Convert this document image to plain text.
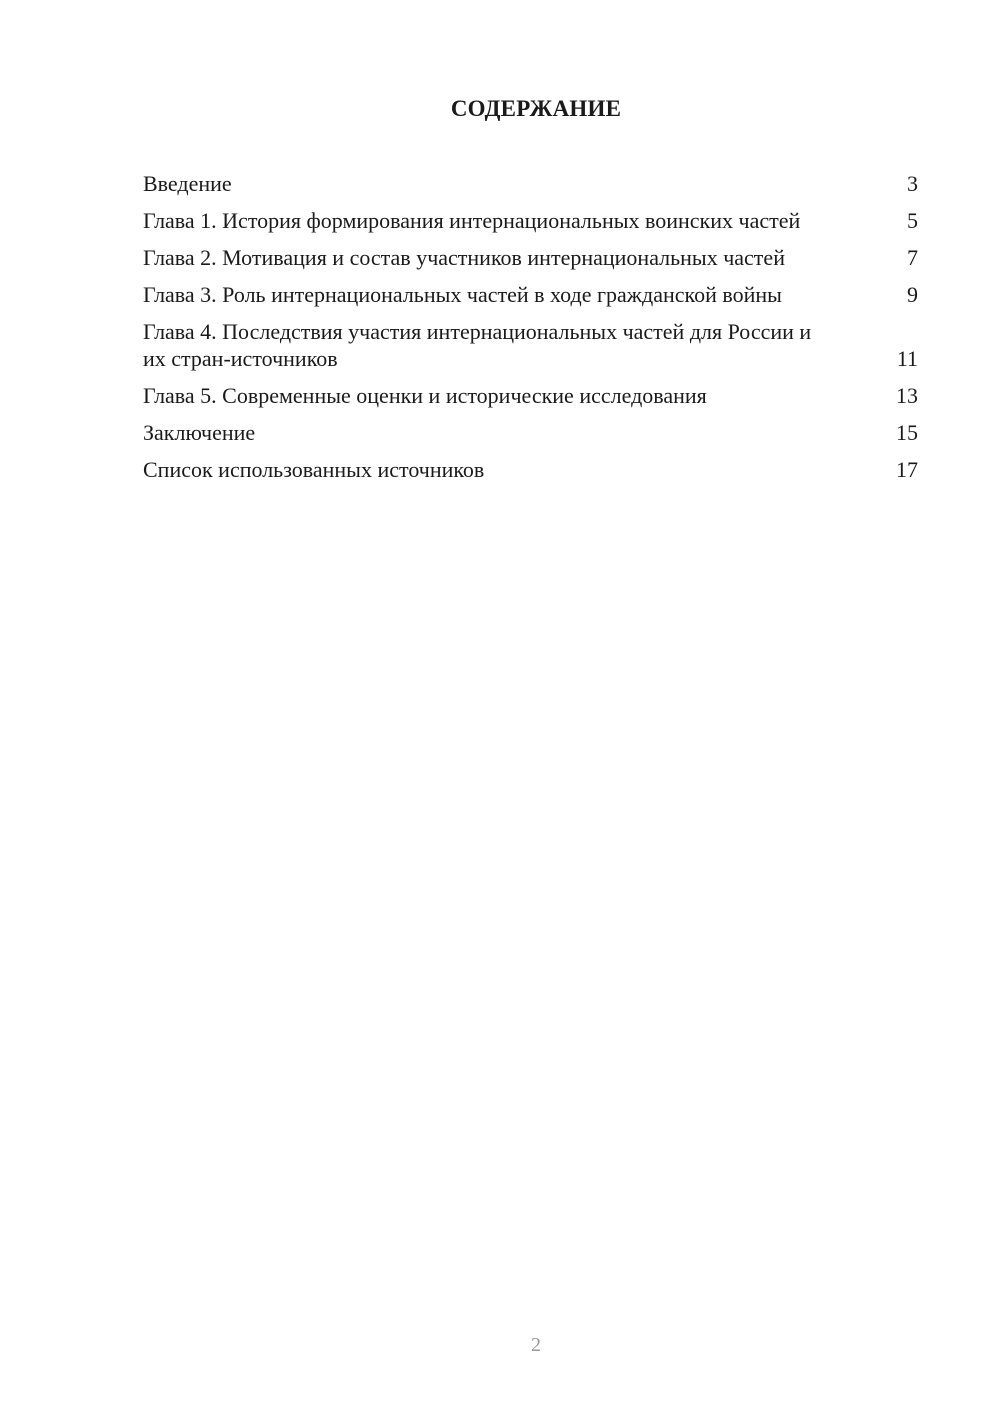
СОДЕРЖАНИЕ
Введение	3
Глава 1. История формирования интернациональных воинских частей	5
Глава 2. Мотивация и состав участников интернациональных частей	7
Глава 3. Роль интернациональных частей в ходе гражданской войны	9
Глава 4. Последствия участия интернациональных частей для России и их стран-источников	11
Глава 5. Современные оценки и исторические исследования	13
Заключение	15
Список использованных источников	17
2
